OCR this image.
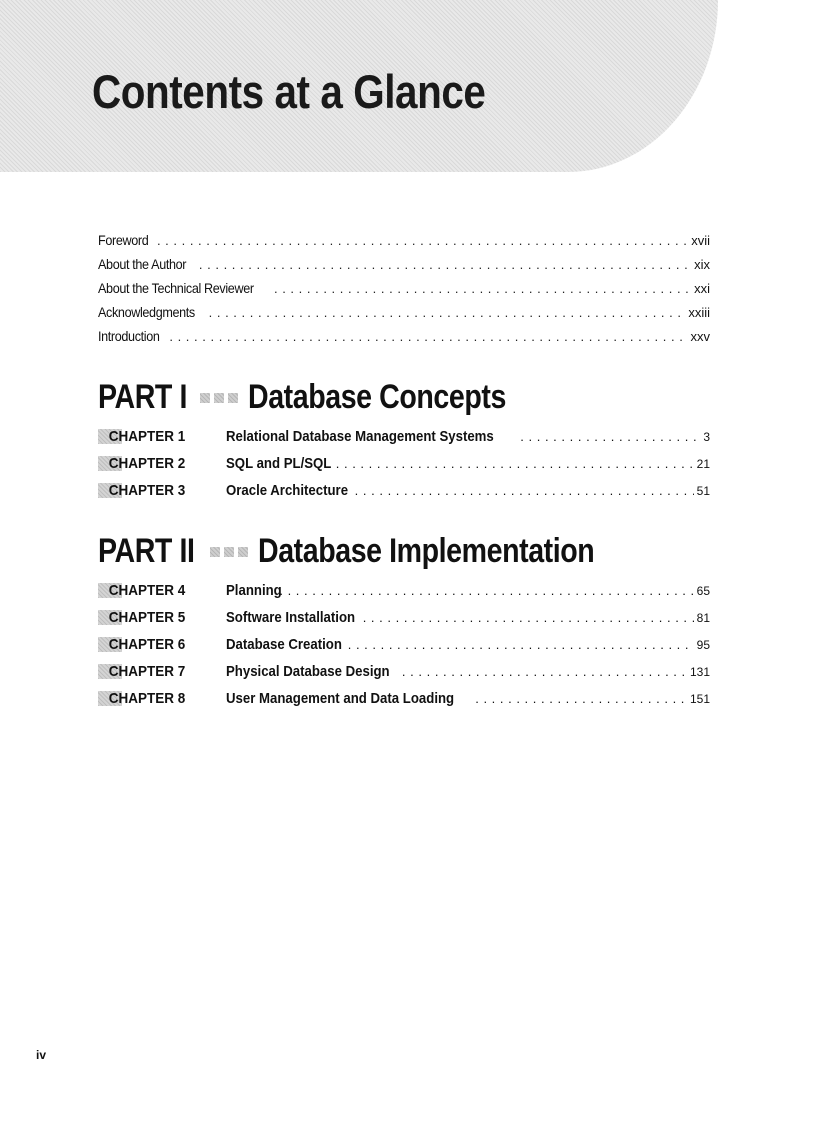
Contents at a Glance
Foreword . . .	xvii
About the Author . . .	xix
About the Technical Reviewer . . .	xxi
Acknowledgments . . .	xxiii
Introduction . . .	xxv
PART I Database Concepts
CHAPTER 1	Relational Database Management Systems . . .	3
CHAPTER 2	SQL and PL/SQL . . .	21
CHAPTER 3	Oracle Architecture . . .	51
PART II Database Implementation
CHAPTER 4	Planning . . .	65
CHAPTER 5	Software Installation . . .	81
CHAPTER 6	Database Creation . . .	95
CHAPTER 7	Physical Database Design . . .	131
CHAPTER 8	User Management and Data Loading . . .	151
iv
